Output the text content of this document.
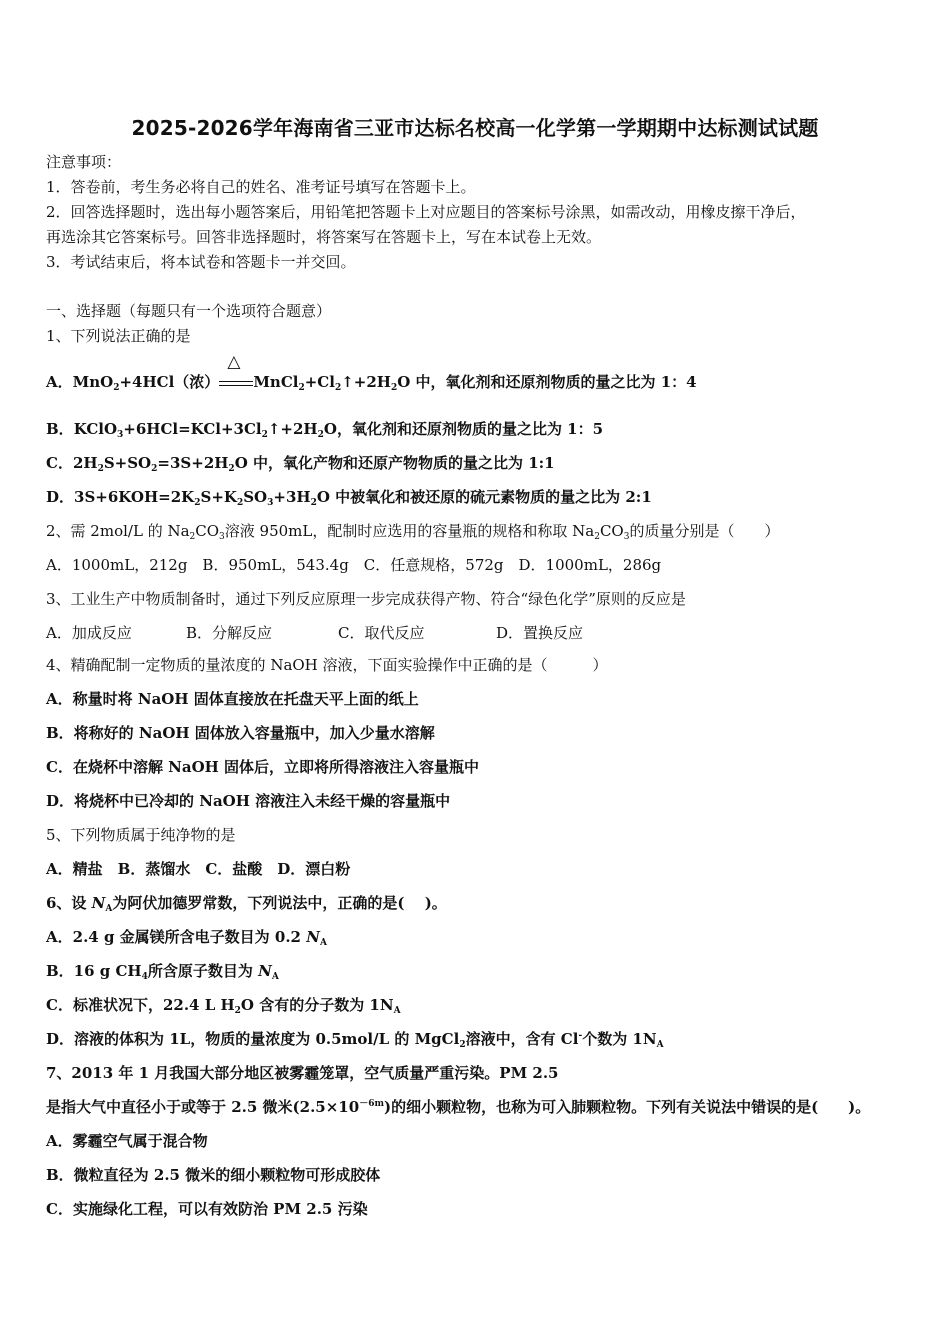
2025-2026学年海南省三亚市达标名校高一化学第一学期期中达标测试试题
注意事项：
1．答卷前，考生务必将自己的姓名、准考证号填写在答题卡上。
2．回答选择题时，选出每小题答案后，用铅笔把答题卡上对应题目的答案标号涂黑，如需改动，用橡皮擦干净后，
再选涂其它答案标号。回答非选择题时，将答案写在答题卡上，写在本试卷上无效。
3．考试结束后，将本试卷和答题卡一并交回。
一、选择题（每题只有一个选项符合题意）
1、下列说法正确的是
A．MnO$_2$+4HCl（浓）
△
$MnCl_2+Cl_2↑+2H_2O$ 中，氧化剂和还原剂物质的量之比为 1：4
B．$KClO_3+6HCl=KCl+3Cl_2↑+2H_2O$，氧化剂和还原剂物质的量之比为 1：5
C．$2H_2S+SO_2=3S+2H_2O$ 中，氧化产物和还原产物物质的量之比为 1:1
D．$3S+6KOH=2K_2S+K_2SO_3+3H_2O$ 中被氧化和被还原的硫元素物质的量之比为 2:1
2、需 2mol/L 的 $Na_2CO_3$溶液 950mL，配制时应选用的容量瓶的规格和称取 $Na_2CO_3$的质量分别是（　　）
A．1000mL，212g　B．950mL，543.4g　C．任意规格，572g　D．1000mL，286g
3、工业生产中物质制备时，通过下列反应原理一步完成获得产物、符合“绿色化学”原则的反应是
A．加成反应	B．分解反应	C．取代反应	D．置换反应
4、精确配制一定物质的量浓度的 NaOH 溶液，下面实验操作中正确的是（　　　）
A．称量时将 NaOH 固体直接放在托盘天平上面的纸上
B．将称好的 NaOH 固体放入容量瓶中，加入少量水溶解
C．在烧杯中溶解 NaOH 固体后，立即将所得溶液注入容量瓶中
D．将烧杯中已冷却的 NaOH 溶液注入未经干燥的容量瓶中
5、下列物质属于纯净物的是
A．精盐　B．蒸馏水　C．盐酸　D．漂白粉
6、设 $N_A$为阿伏加德罗常数，下列说法中，正确的是(　 )。
A．2.4 g 金属镁所含电子数目为 0.2 $N_A$
B．16 g $CH_4$所含原子数目为 $N_A$
C．标准状况下，22.4 L $H_2O$ 含有的分子数为 $1N_A$
D．溶液的体积为 1L，物质的量浓度为 0.5mol/L 的 MgCl$_2$溶液中，含有 Cl-个数为 $1N_A$
7、2013 年 1 月我国大部分地区被雾霾笼罩，空气质量严重污染。PM 2.5
是指大气中直径小于或等于 2.5 微米$(2.5\times 10^{-6m})$的细小颗粒物，也称为可入肺颗粒物。下列有关说法中错误的是(　　)。
A．雾霾空气属于混合物
B．微粒直径为 2.5 微米的细小颗粒物可形成胶体
C．实施绿化工程，可以有效防治 PM 2.5 污染
